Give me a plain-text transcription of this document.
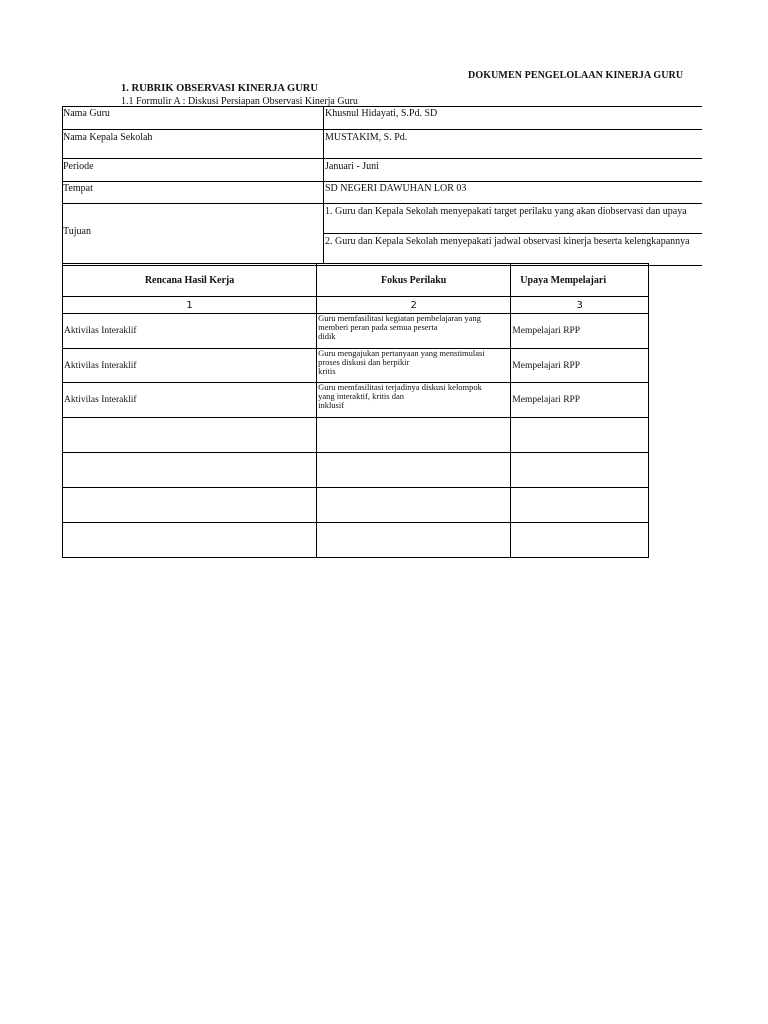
DOKUMEN PENGELOLAAN KINERJA GURU
1. RUBRIK OBSERVASI KINERJA GURU
1.1 Formulir A : Diskusi Persiapan Observasi Kinerja Guru
Nama Guru	Khusnul Hidayati, S.Pd. SD
Nama Kepala Sekolah	MUSTAKIM, S. Pd.
Periode	Januari - Juni
Tempat	SD NEGERI DAWUHAN LOR 03
Tujuan
1. Guru dan Kepala Sekolah menyepakati target perilaku yang akan diobservasi dan upaya
2. Guru dan Kepala Sekolah menyepakati jadwal observasi kinerja beserta kelengkapannya
Rencana Hasil Kerja	Fokus Perilaku	Upaya Mempelajari
1	2	3
Aktivilas Interaklif	Guru memfasilitasi kegiatan pembelajaran yang
memberi peran pada semua peserta
didik	Mempelajari RPP
Aktivilas Interaklif	Guru mengajukan pertanyaan yang menstimulasi
proses diskusi dan berpikir
kritis	Mempelajari RPP
Aktivilas Interaklif	Guru memfasilitasi terjadinya diskusi kelompok
yang interaktif, kritis dan
inklusif	Mempelajari RPP
